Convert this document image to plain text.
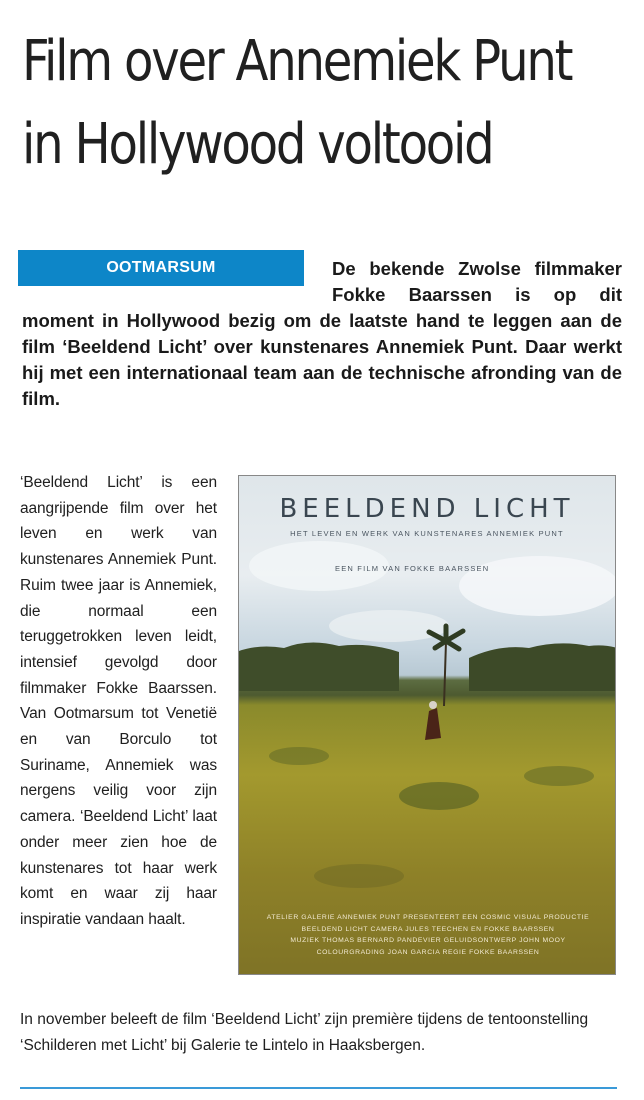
Film over Annemiek Punt
in Hollywood voltooid
OOTMARSUM	De bekende Zwolse filmmaker Fokke Baarssen is op dit moment in Hollywood bezig om de laatste hand te leggen aan de film ‘Beeldend Licht’ over kunstenares Annemiek Punt. Daar werkt hij met een internationaal team aan de technische afronding van de film.

‘Beeldend Licht’ is een aangrijpende film over het leven en werk van kunstenares Annemiek Punt. Ruim twee jaar is Annemiek, die normaal een teruggetrokken leven leidt, intensief gevolgd door filmmaker Fokke Baarssen. Van Ootmarsum tot Venetië en van Borculo tot Suriname, Annemiek was nergens veilig voor zijn camera. ‘Beeldend Licht’ laat onder meer zien hoe de kunstenares tot haar werk komt en waar zij haar inspiratie vandaan haalt.

BEELDEND LICHT
HET LEVEN EN WERK VAN KUNSTENARES ANNEMIEK PUNT
EEN FILM VAN FOKKE BAARSSEN
ATELIER GALERIE ANNEMIEK PUNT PRESENTEERT EEN COSMIC VISUAL PRODUCTIE
BEELDEND LICHT CAMERA JULES TEECHEN EN FOKKE BAARSSEN
MUZIEK THOMAS BERNARD PANDEVIER GELUIDSONTWERP JOHN MOOY
COLOURGRADING JOAN GARCIA REGIE FOKKE BAARSSEN

In november beleeft de film ‘Beeldend Licht’ zijn première tijdens de tentoonstelling ‘Schilderen met Licht’ bij Galerie te Lintelo in Haaksbergen.
